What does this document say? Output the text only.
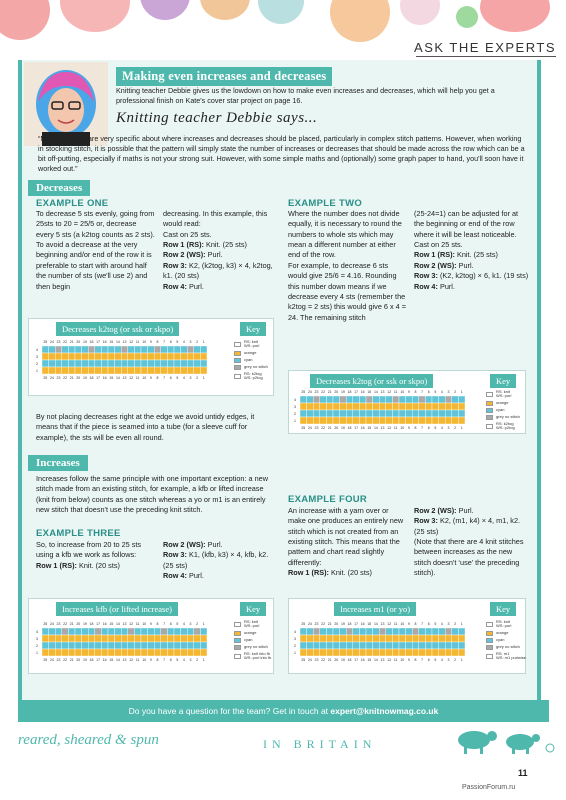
ASK THE EXPERTS
Making even increases and decreases
Knitting teacher Debbie gives us the lowdown on how to make even increases and decreases, which will help you get a professional finish on Kate's cover star project on page 16.
Knitting teacher Debbie says...
“Many patterns are very specific about where increases and decreases should be placed, particularly in complex stitch patterns. However, when working in stocking stitch, it is possible that the pattern will simply state the number of increases or decreases that should be made across the row which can be a bit off-putting, especially if maths is not your strong suit. However, with some simple maths and (optionally) some graph paper to hand, you'll soon have it worked out.”
Decreases
EXAMPLE ONE

To decrease 5 sts evenly, going from 25sts to 20 = 25/5 or, decrease every 5 sts (a k2tog counts as 2 sts). To avoid a decrease at the very beginning and/or end of the row it is preferable to start with around half the number of sts (we'll use 2) and then begin

decreasing. In this example, this would read:

Cast on 25 sts.

Row 1 (RS): Knit. (25 sts)

Row 2 (WS): Purl.

Row 3: K2, (k2tog, k3) × 4, k2tog, k1. (20 sts)

Row 4: Purl.

EXAMPLE TWO

Where the number does not divide equally, it is necessary to round the numbers to whole sts which may mean a different number at either end of the row.

For example, to decrease 6 sts would give 25/6 = 4.16. Rounding this number down means if we decrease every 4 sts (remember the k2tog = 2 sts) this would give 6 x 4 = 24. The remaining stitch

(25-24=1) can be adjusted for at the beginning or end of the row where it will be least noticeable.

Cast on 25 sts.

Row 1 (RS): Knit. (25 sts)

Row 2 (WS): Purl.

Row 3: (K2, k2tog) × 6, k1. (19 sts)

Row 4: Purl.

Decreases k2tog (or ssk or skpo)	Key
25 24 23 22 21 20 19 18 17 16 15 14 13 12 11 10 9 8 7 6 5 4 3 2 1
4
3
2
1
25 24 23 22 21 20 19 18 17 16 15 14 13 12 11 10 9 8 7 6 5 4 3 2 1
RS: knit
WS: purl
orange
cyan
grey no stitch
RS: k2tog
WS: p2tog	Decreases k2tog (or ssk or skpo)	Key
25 24 23 22 21 20 19 18 17 16 15 14 13 12 11 10 9 8 7 6 5 4 3 2 1
4
3
2
1
25 24 23 22 21 20 19 18 17 16 15 14 13 12 11 10 9 8 7 6 5 4 3 2 1
RS: knit
WS: purl
orange
cyan
grey no stitch
RS: k2tog
WS: p2tog
By not placing decreases right at the edge we avoid untidy edges, it means that if the piece is seamed into a tube (for a sleeve cuff for example), the sts will be even all round.
Increases
Increases follow the same principle with one important exception: a new stitch made from an existing stitch, for example, a kfb or lifted increase (knit from below) counts as one stitch whereas a yo or m1 is an entirely new stitch that doesn't use the preceding knit stitch.
EXAMPLE THREE

So, to increase from 20 to 25 sts using a kfb we work as follows:

Row 1 (RS): Knit. (20 sts)

Row 2 (WS): Purl.

Row 3: K1, (kfb, k3) × 4, kfb, k2. (25 sts)

Row 4: Purl.

EXAMPLE FOUR

An increase with a yarn over or make one produces an entirely new stitch which is not created from an existing stitch. This means that the pattern and chart read slightly differently:

Row 1 (RS): Knit. (20 sts)

Row 2 (WS): Purl.

Row 3: K2, (m1, k4) × 4, m1, k2. (25 sts)

(Note that there are 4 knit stitches between increases as the new stitch doesn't ‘use’ the preceding stitch).

Increases kfb (or lifted increase)	Key
25 24 23 22 21 20 19 18 17 16 15 14 13 12 11 10 9 8 7 6 5 4 3 2 1
4
3
2
1
25 24 23 22 21 20 19 18 17 16 15 14 13 12 11 10 9 8 7 6 5 4 3 2 1
RS: knit
WS: purl
orange
cyan
grey no stitch
RS: knit into fb
WS: purl into fb
Increases m1 (or yo)	Key
25 24 23 22 21 20 19 18 17 16 15 14 13 12 11 10 9 8 7 6 5 4 3 2 1
4
3
2
1
25 24 23 22 21 20 19 18 17 16 15 14 13 12 11 10 9 8 7 6 5 4 3 2 1
RS: knit
WS: purl
orange
cyan
grey no stitch
RS: m1
WS: m1 purlwise
Do you have a question for the team? Get in touch at expert@knitnowmag.co.uk
reared, sheared & spun	IN BRITAIN
11
PassionForum.ru
